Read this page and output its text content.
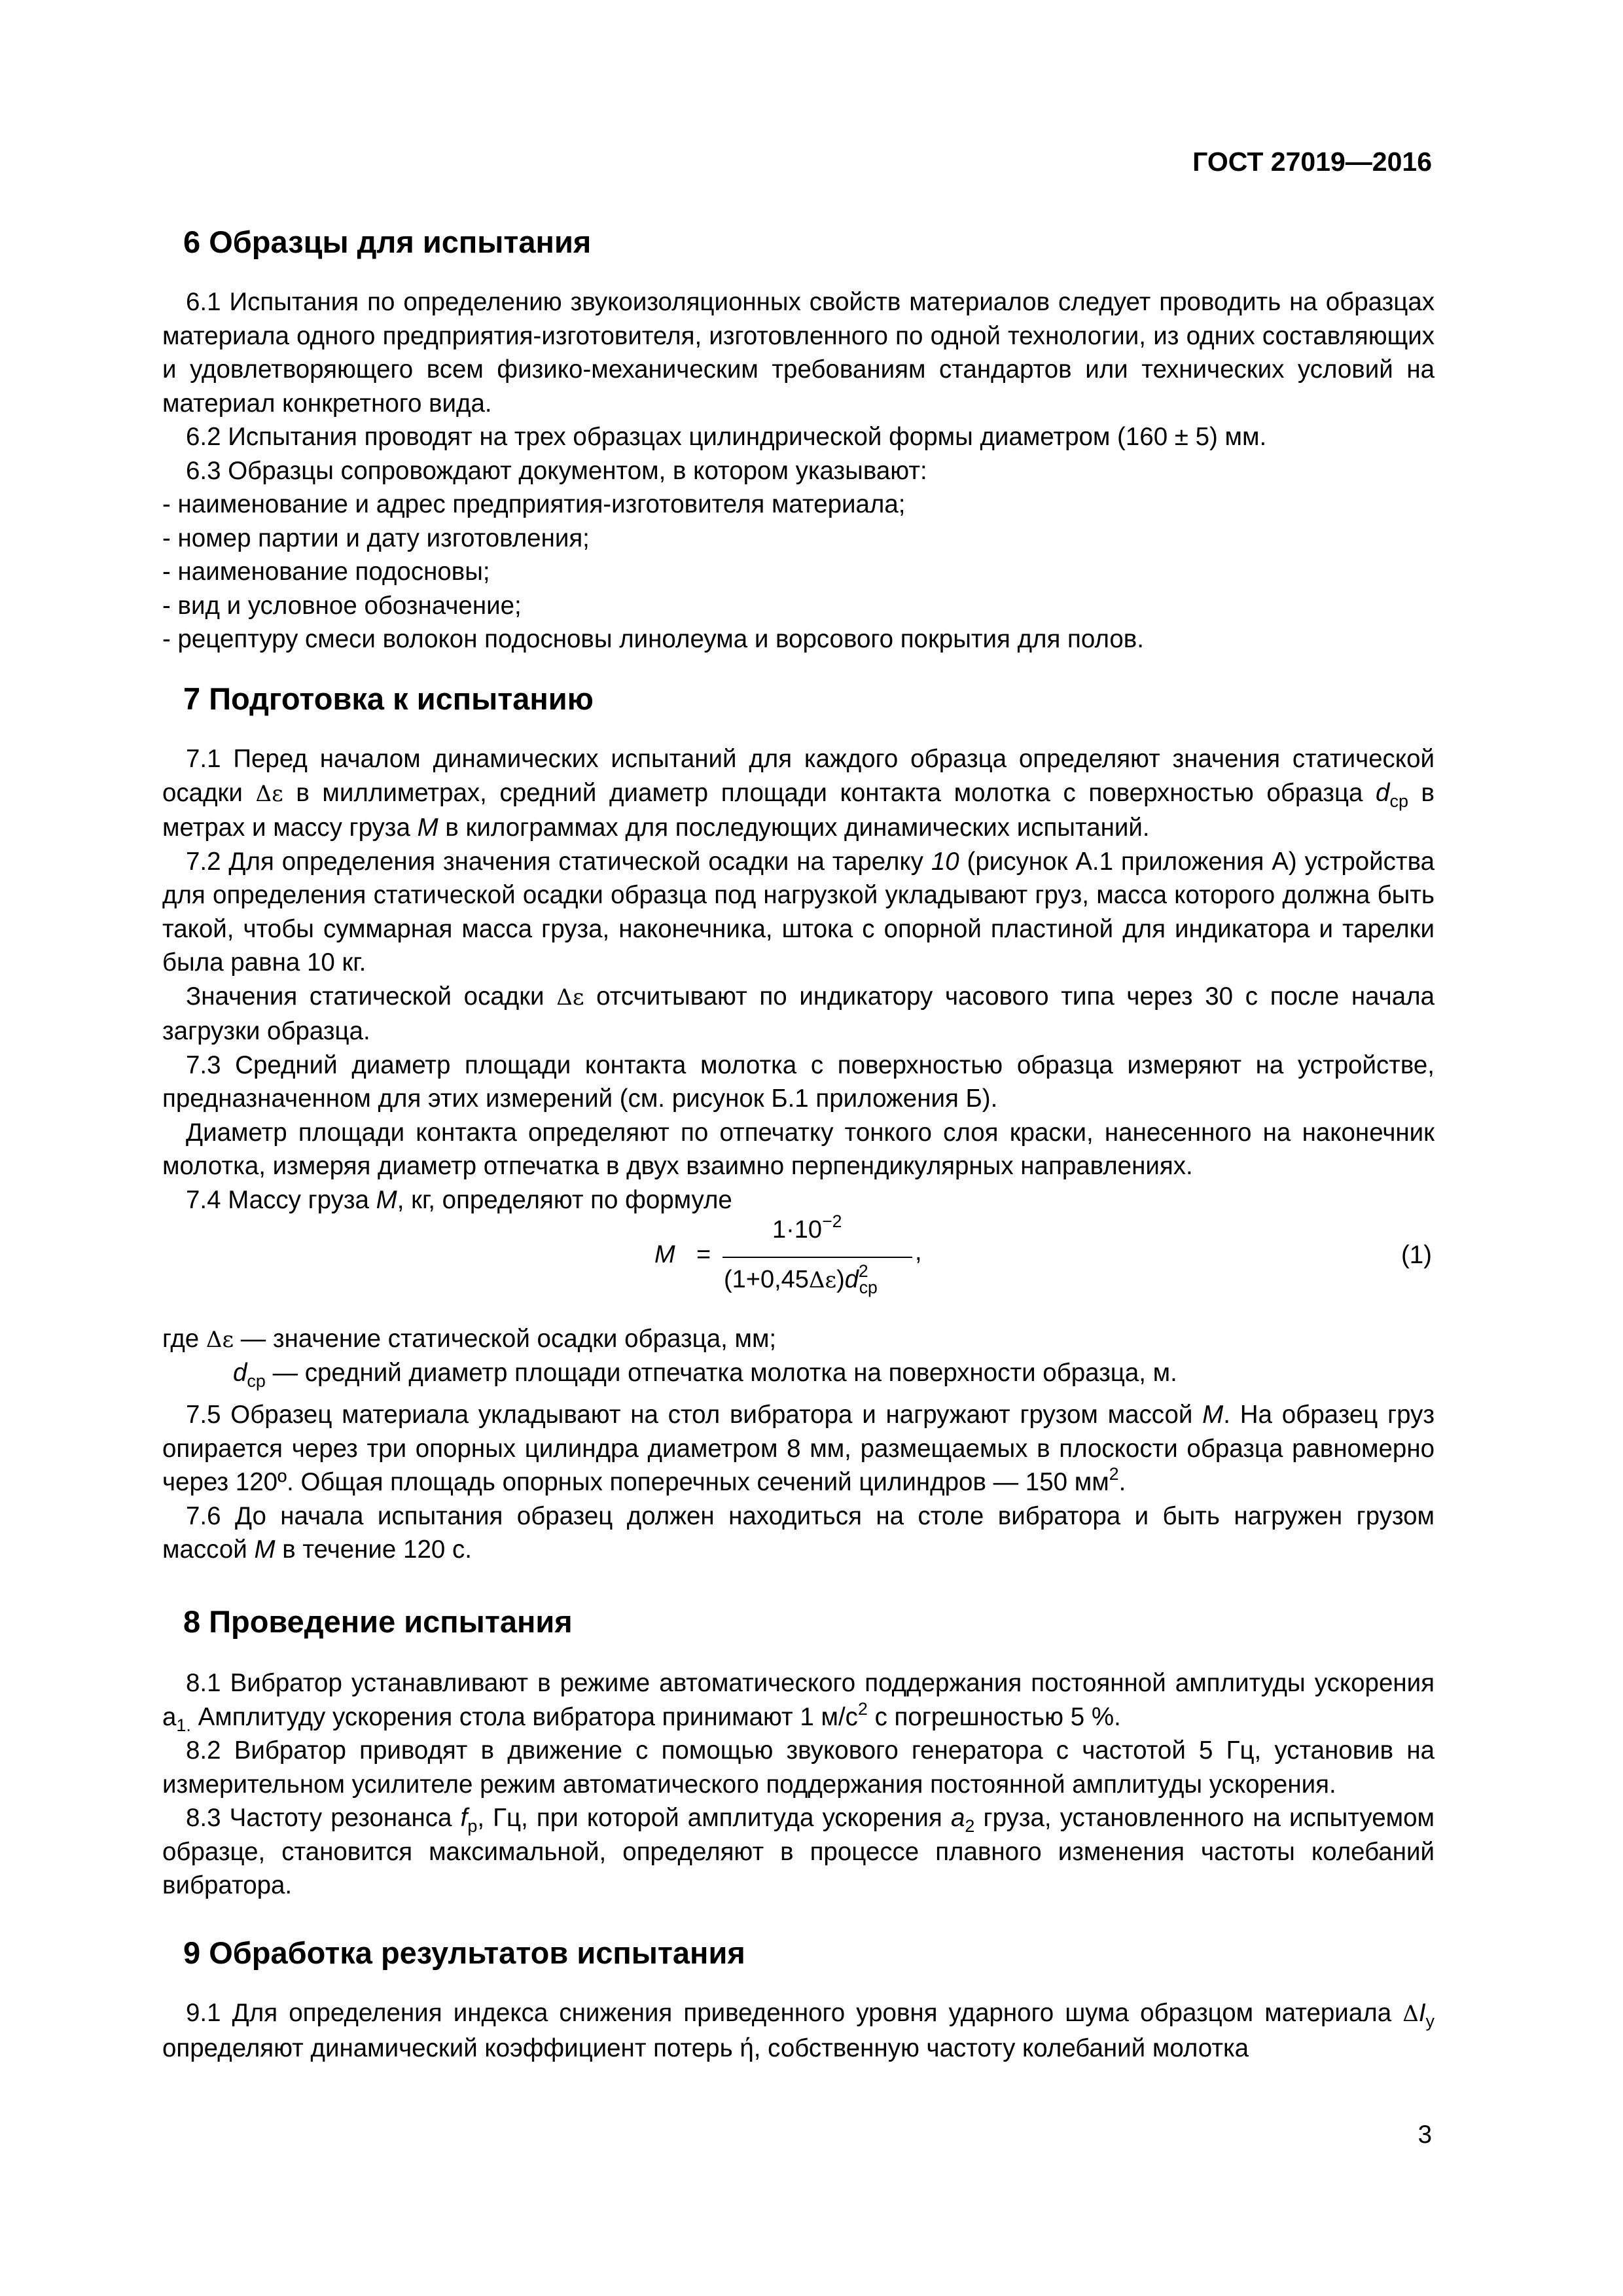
ГОСТ 27019—2016
6 Образцы для испытания

6.1 Испытания по определению звукоизоляционных свойств материалов следует проводить на образцах материала одного предприятия-изготовителя, изготовленного по одной технологии, из одних составляющих и удовлетворяющего всем физико-механическим требованиям стандартов или технических условий на материал конкретного вида.

6.2 Испытания проводят на трех образцах цилиндрической формы диаметром (160 ± 5) мм.

6.3 Образцы сопровождают документом, в котором указывают:

- наименование и адрес предприятия-изготовителя материала;

- номер партии и дату изготовления;

- наименование подосновы;

- вид и условное обозначение;

- рецептуру смеси волокон подосновы линолеума и ворсового покрытия для полов.

7 Подготовка к испытанию

7.1 Перед началом динамических испытаний для каждого образца определяют значения статической осадки Δε в миллиметрах, средний диаметр площади контакта молотка с поверхностью образца $d_{ср}$ в метрах и массу груза M в килограммах для последующих динамических испытаний.

7.2 Для определения значения статической осадки на тарелку 10 (рисунок А.1 приложения А) устройства для определения статической осадки образца под нагрузкой укладывают груз, масса которого должна быть такой, чтобы суммарная масса груза, наконечника, штока с опорной пластиной для индикатора и тарелки была равна 10 кг.

Значения статической осадки Δε отсчитывают по индикатору часового типа через 30 с после начала загрузки образца.

7.3 Средний диаметр площади контакта молотка с поверхностью образца измеряют на устройстве, предназначенном для этих измерений (см. рисунок Б.1 приложения Б).

Диаметр площади контакта определяют по отпечатку тонкого слоя краски, нанесенного на наконечник молотка, измеряя диаметр отпечатка в двух взаимно перпендикулярных направлениях.

7.4 Массу груза M, кг, определяют по формуле

M =
$1\cdot 10^{-2}$
$(1+0,45\Delta\varepsilon)d^2_{ср}$
,	(1)
где Δε — значение статической осадки образца, мм;
$d_{ср}$ — средний диаметр площади отпечатка молотка на поверхности образца, м.

7.5 Образец материала укладывают на стол вибратора и нагружают грузом массой M. На образец груз опирается через три опорных цилиндра диаметром 8 мм, размещаемых в плоскости образца равномерно через 120º. Общая площадь опорных поперечных сечений цилиндров — 150 $мм^2$.

7.6 До начала испытания образец должен находиться на столе вибратора и быть нагружен грузом массой M в течение 120 с.

8 Проведение испытания

8.1 Вибратор устанавливают в режиме автоматического поддержания постоянной амплитуды ускорения $а_{1.}$ Амплитуду ускорения стола вибратора принимают 1 $м/с^2$ с погрешностью 5 %.

8.2 Вибратор приводят в движение с помощью звукового генератора с частотой 5 Гц, установив на измерительном усилителе режим автоматического поддержания постоянной амплитуды ускорения.

8.3 Частоту резонанса $f_р$, Гц, при которой амплитуда ускорения $a_2$ груза, установленного на испытуемом образце, становится максимальной, определяют в процессе плавного изменения частоты колебаний вибратора.

9 Обработка результатов испытания

9.1 Для определения индекса снижения приведенного уровня ударного шума образцом материала $\Delta I_у$ определяют динамический коэффициент потерь ή, собственную частоту колебаний молотка

3
